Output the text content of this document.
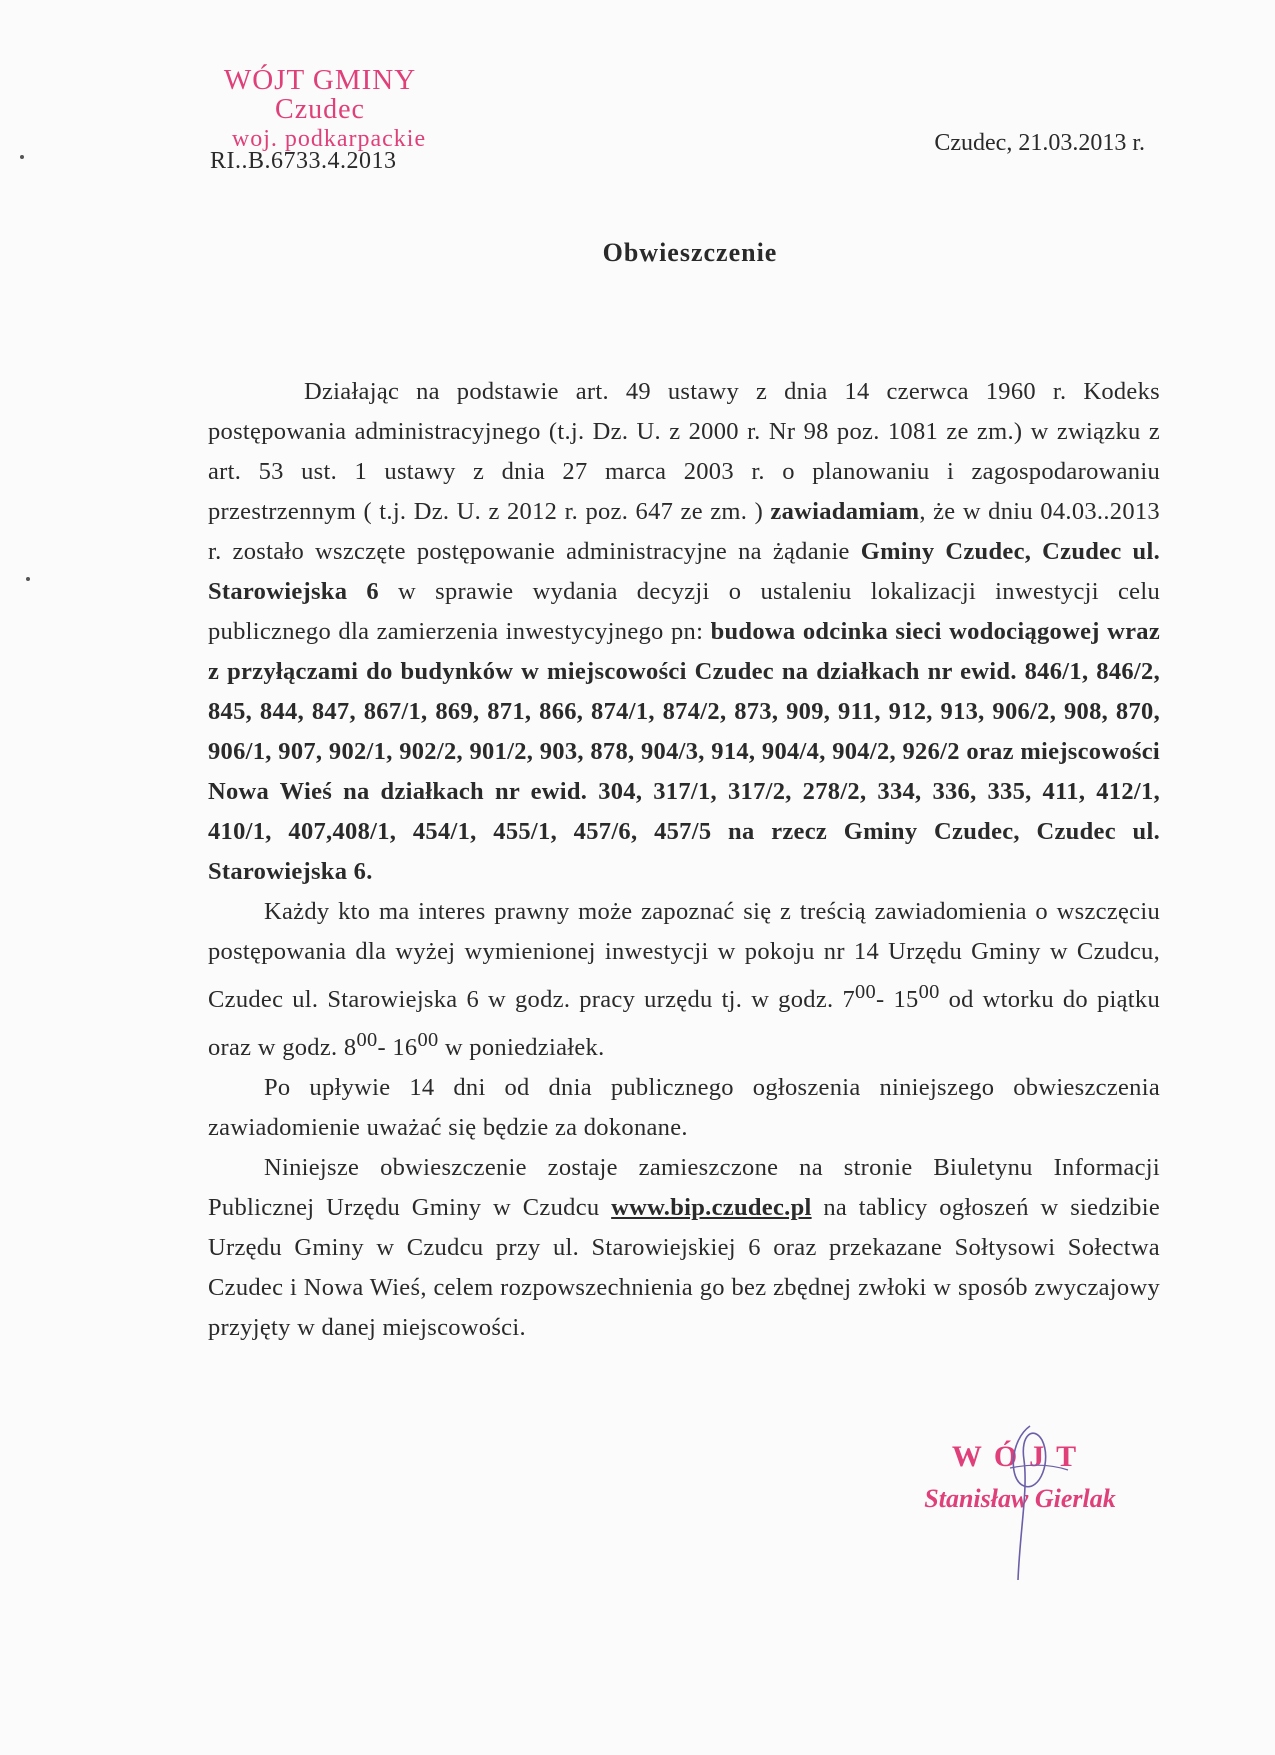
WÓJT GMINY
Czudec
woj. podkarpackie
RI..B.6733.4.2013
Czudec, 21.03.2013 r.
Obwieszczenie

Działając na podstawie art. 49 ustawy z dnia 14 czerwca 1960 r. Kodeks postępowania administracyjnego (t.j. Dz. U. z 2000 r. Nr 98 poz. 1081 ze zm.) w związku z art. 53 ust. 1 ustawy z dnia 27 marca 2003 r. o planowaniu i zagospodarowaniu przestrzennym ( t.j. Dz. U. z 2012 r. poz. 647 ze zm. ) zawiadamiam, że w dniu 04.03..2013 r. zostało wszczęte postępowanie administracyjne na żądanie Gminy Czudec, Czudec ul. Starowiejska 6 w sprawie wydania decyzji o ustaleniu lokalizacji inwestycji celu publicznego dla zamierzenia inwestycyjnego pn: budowa odcinka sieci wodociągowej wraz z przyłączami do budynków w miejscowości Czudec na działkach nr ewid. 846/1, 846/2, 845, 844, 847, 867/1, 869, 871, 866, 874/1, 874/2, 873, 909, 911, 912, 913, 906/2, 908, 870, 906/1, 907, 902/1, 902/2, 901/2, 903, 878, 904/3, 914, 904/4, 904/2, 926/2 oraz miejscowości Nowa Wieś na działkach nr ewid. 304, 317/1, 317/2, 278/2, 334, 336, 335, 411, 412/1, 410/1, 407,408/1, 454/1, 455/1, 457/6, 457/5 na rzecz Gminy Czudec, Czudec ul. Starowiejska 6.

Każdy kto ma interes prawny może zapoznać się z treścią zawiadomienia o wszczęciu postępowania dla wyżej wymienionej inwestycji w pokoju nr 14 Urzędu Gminy w Czudcu, Czudec ul. Starowiejska 6 w godz. pracy urzędu tj. w godz. $7^{00}-$ $15^{00}$ od wtorku do piątku oraz w godz. $8^{00}-$ $16^{00}$ w poniedziałek.

Po upływie 14 dni od dnia publicznego ogłoszenia niniejszego obwieszczenia zawiadomienie uważać się będzie za dokonane.

Niniejsze obwieszczenie zostaje zamieszczone na stronie Biuletynu Informacji Publicznej Urzędu Gminy w Czudcu www.bip.czudec.pl na tablicy ogłoszeń w siedzibie Urzędu Gminy w Czudcu przy ul. Starowiejskiej 6 oraz przekazane Sołtysowi Sołectwa Czudec i Nowa Wieś, celem rozpowszechnienia go bez zbędnej zwłoki w sposób zwyczajowy przyjęty w danej miejscowości.

WÓJT
Stanisław Gierlak
